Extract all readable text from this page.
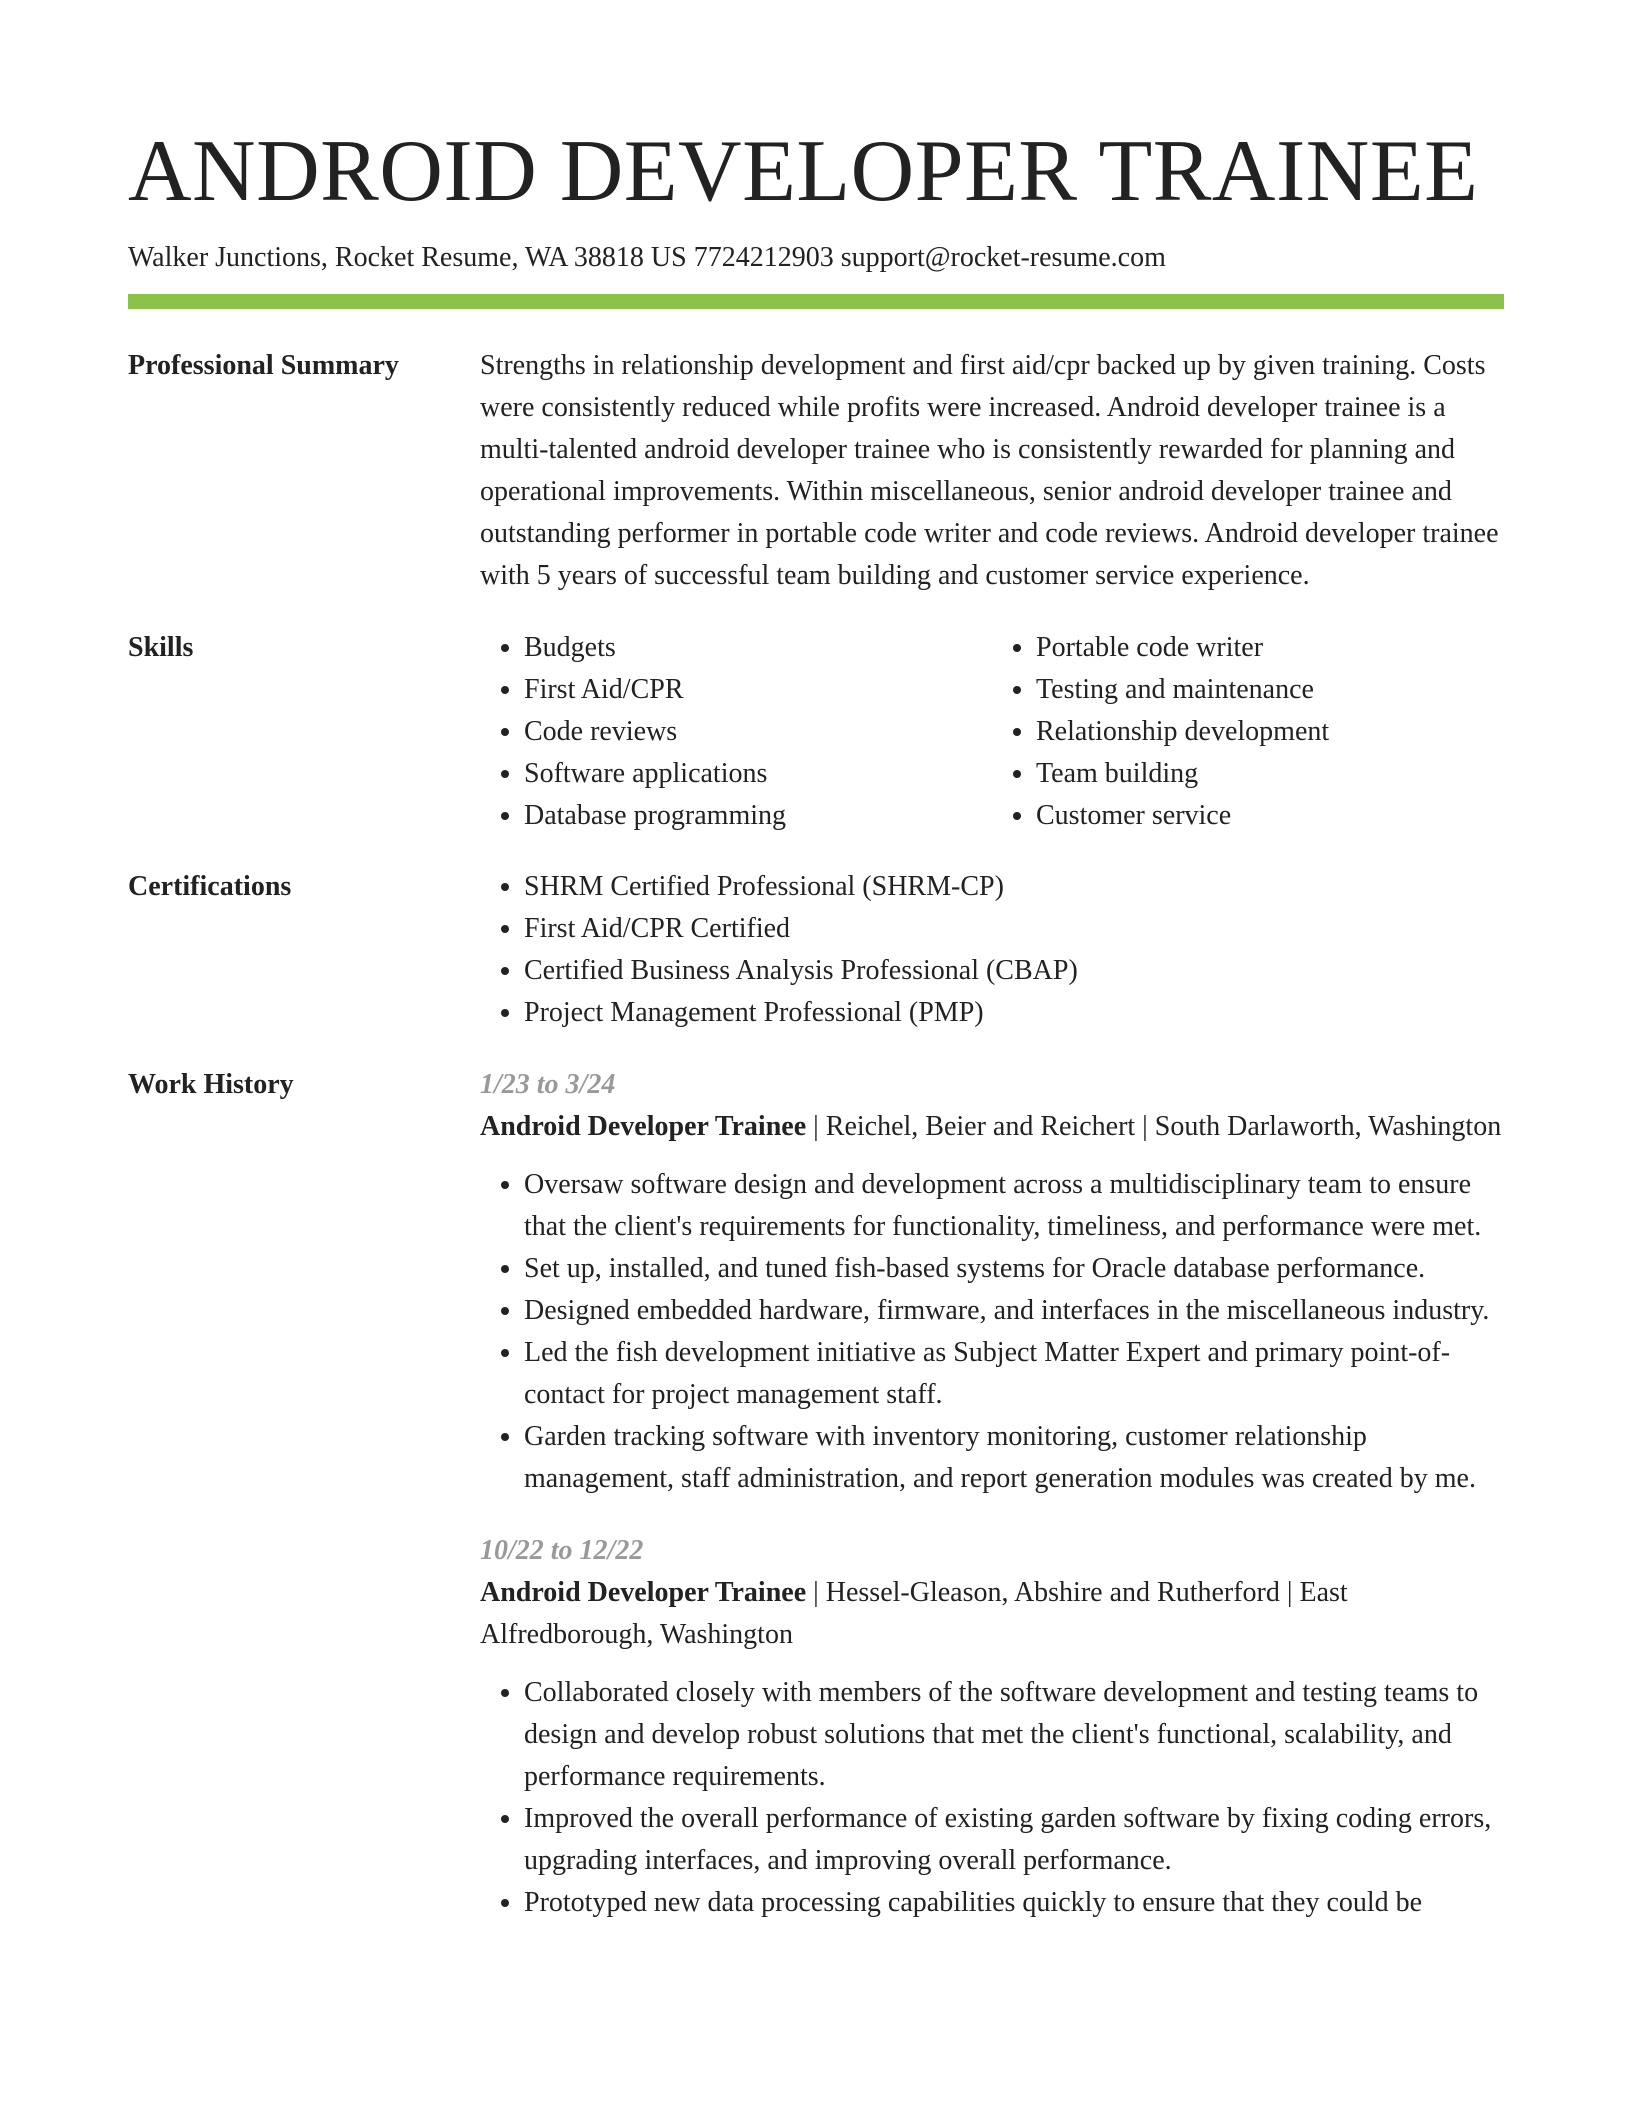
ANDROID DEVELOPER TRAINEE
Walker Junctions, Rocket Resume, WA 38818 US 7724212903 support@rocket-resume.com
Professional Summary	Strengths in relationship development and first aid/cpr backed up by given training. Costs were consistently reduced while profits were increased. Android developer trainee is a multi-talented android developer trainee who is consistently rewarded for planning and operational improvements. Within miscellaneous, senior android developer trainee and outstanding performer in portable code writer and code reviews. Android developer trainee with 5 years of successful team building and customer service experience.

Skills	• Budgets
• First Aid/CPR
• Code reviews
• Software applications
• Database programming
• Portable code writer
• Testing and maintenance
• Relationship development
• Team building
• Customer service
Certifications	• SHRM Certified Professional (SHRM-CP)
• First Aid/CPR Certified
• Certified Business Analysis Professional (CBAP)
• Project Management Professional (PMP)
Work History	1/23 to 3/24
Android Developer Trainee | Reichel, Beier and Reichert | South Darlaworth, Washington
• Oversaw software design and development across a multidisciplinary team to ensure that the client's requirements for functionality, timeliness, and performance were met.
• Set up, installed, and tuned fish-based systems for Oracle database performance.
• Designed embedded hardware, firmware, and interfaces in the miscellaneous industry.
• Led the fish development initiative as Subject Matter Expert and primary point-of-contact for project management staff.
• Garden tracking software with inventory monitoring, customer relationship management, staff administration, and report generation modules was created by me.
10/22 to 12/22
Android Developer Trainee | Hessel-Gleason, Abshire and Rutherford | East Alfredborough, Washington
• Collaborated closely with members of the software development and testing teams to design and develop robust solutions that met the client's functional, scalability, and performance requirements.
• Improved the overall performance of existing garden software by fixing coding errors, upgrading interfaces, and improving overall performance.
• Prototyped new data processing capabilities quickly to ensure that they could be
